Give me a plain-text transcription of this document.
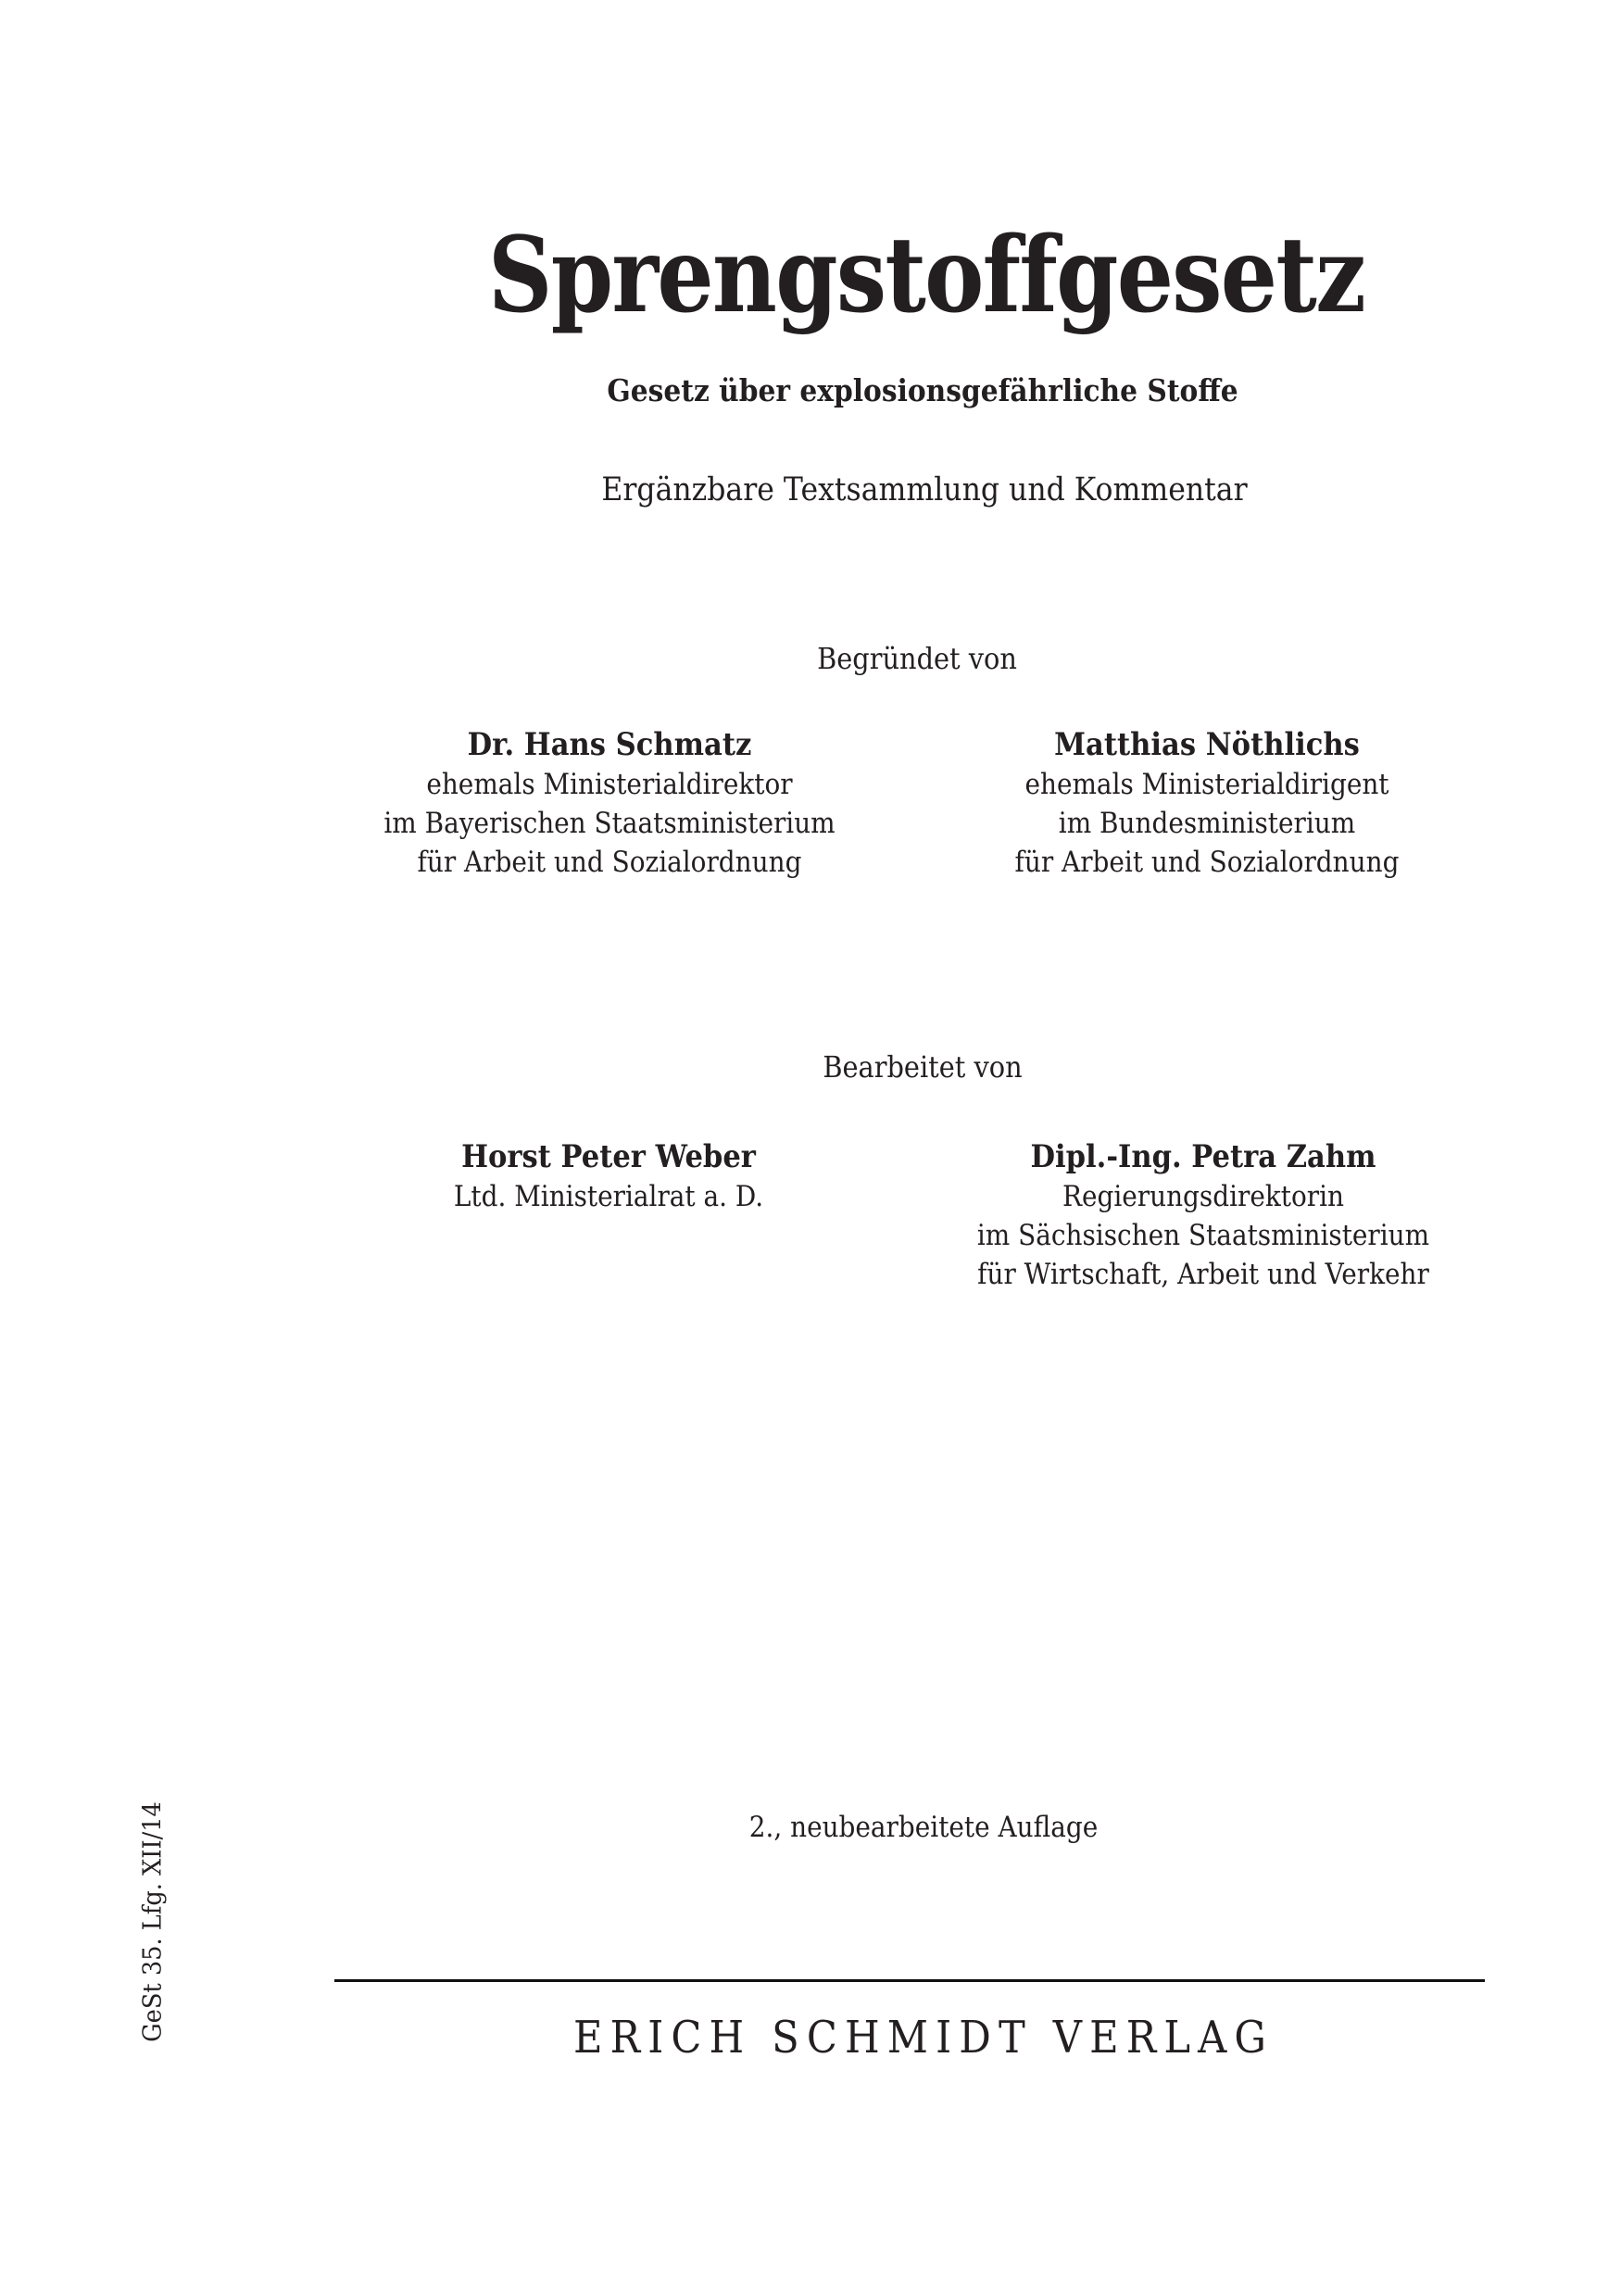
Sprengstoffgesetz
Gesetz über explosionsgefährliche Stoffe
Ergänzbare Textsammlung und Kommentar
Begründet von
Dr. Hans Schmatz
ehemals Ministerialdirektor
im Bayerischen Staatsministerium
für Arbeit und Sozialordnung
Matthias Nöthlichs
ehemals Ministerialdirigent
im Bundesministerium
für Arbeit und Sozialordnung
Bearbeitet von
Horst Peter Weber
Ltd. Ministerialrat a. D.
Dipl.-Ing. Petra Zahm
Regierungsdirektorin
im Sächsischen Staatsministerium
für Wirtschaft, Arbeit und Verkehr
2., neubearbeitete Auflage
ERICH SCHMIDT VERLAG
GeSt 35. Lfg. XII/14
